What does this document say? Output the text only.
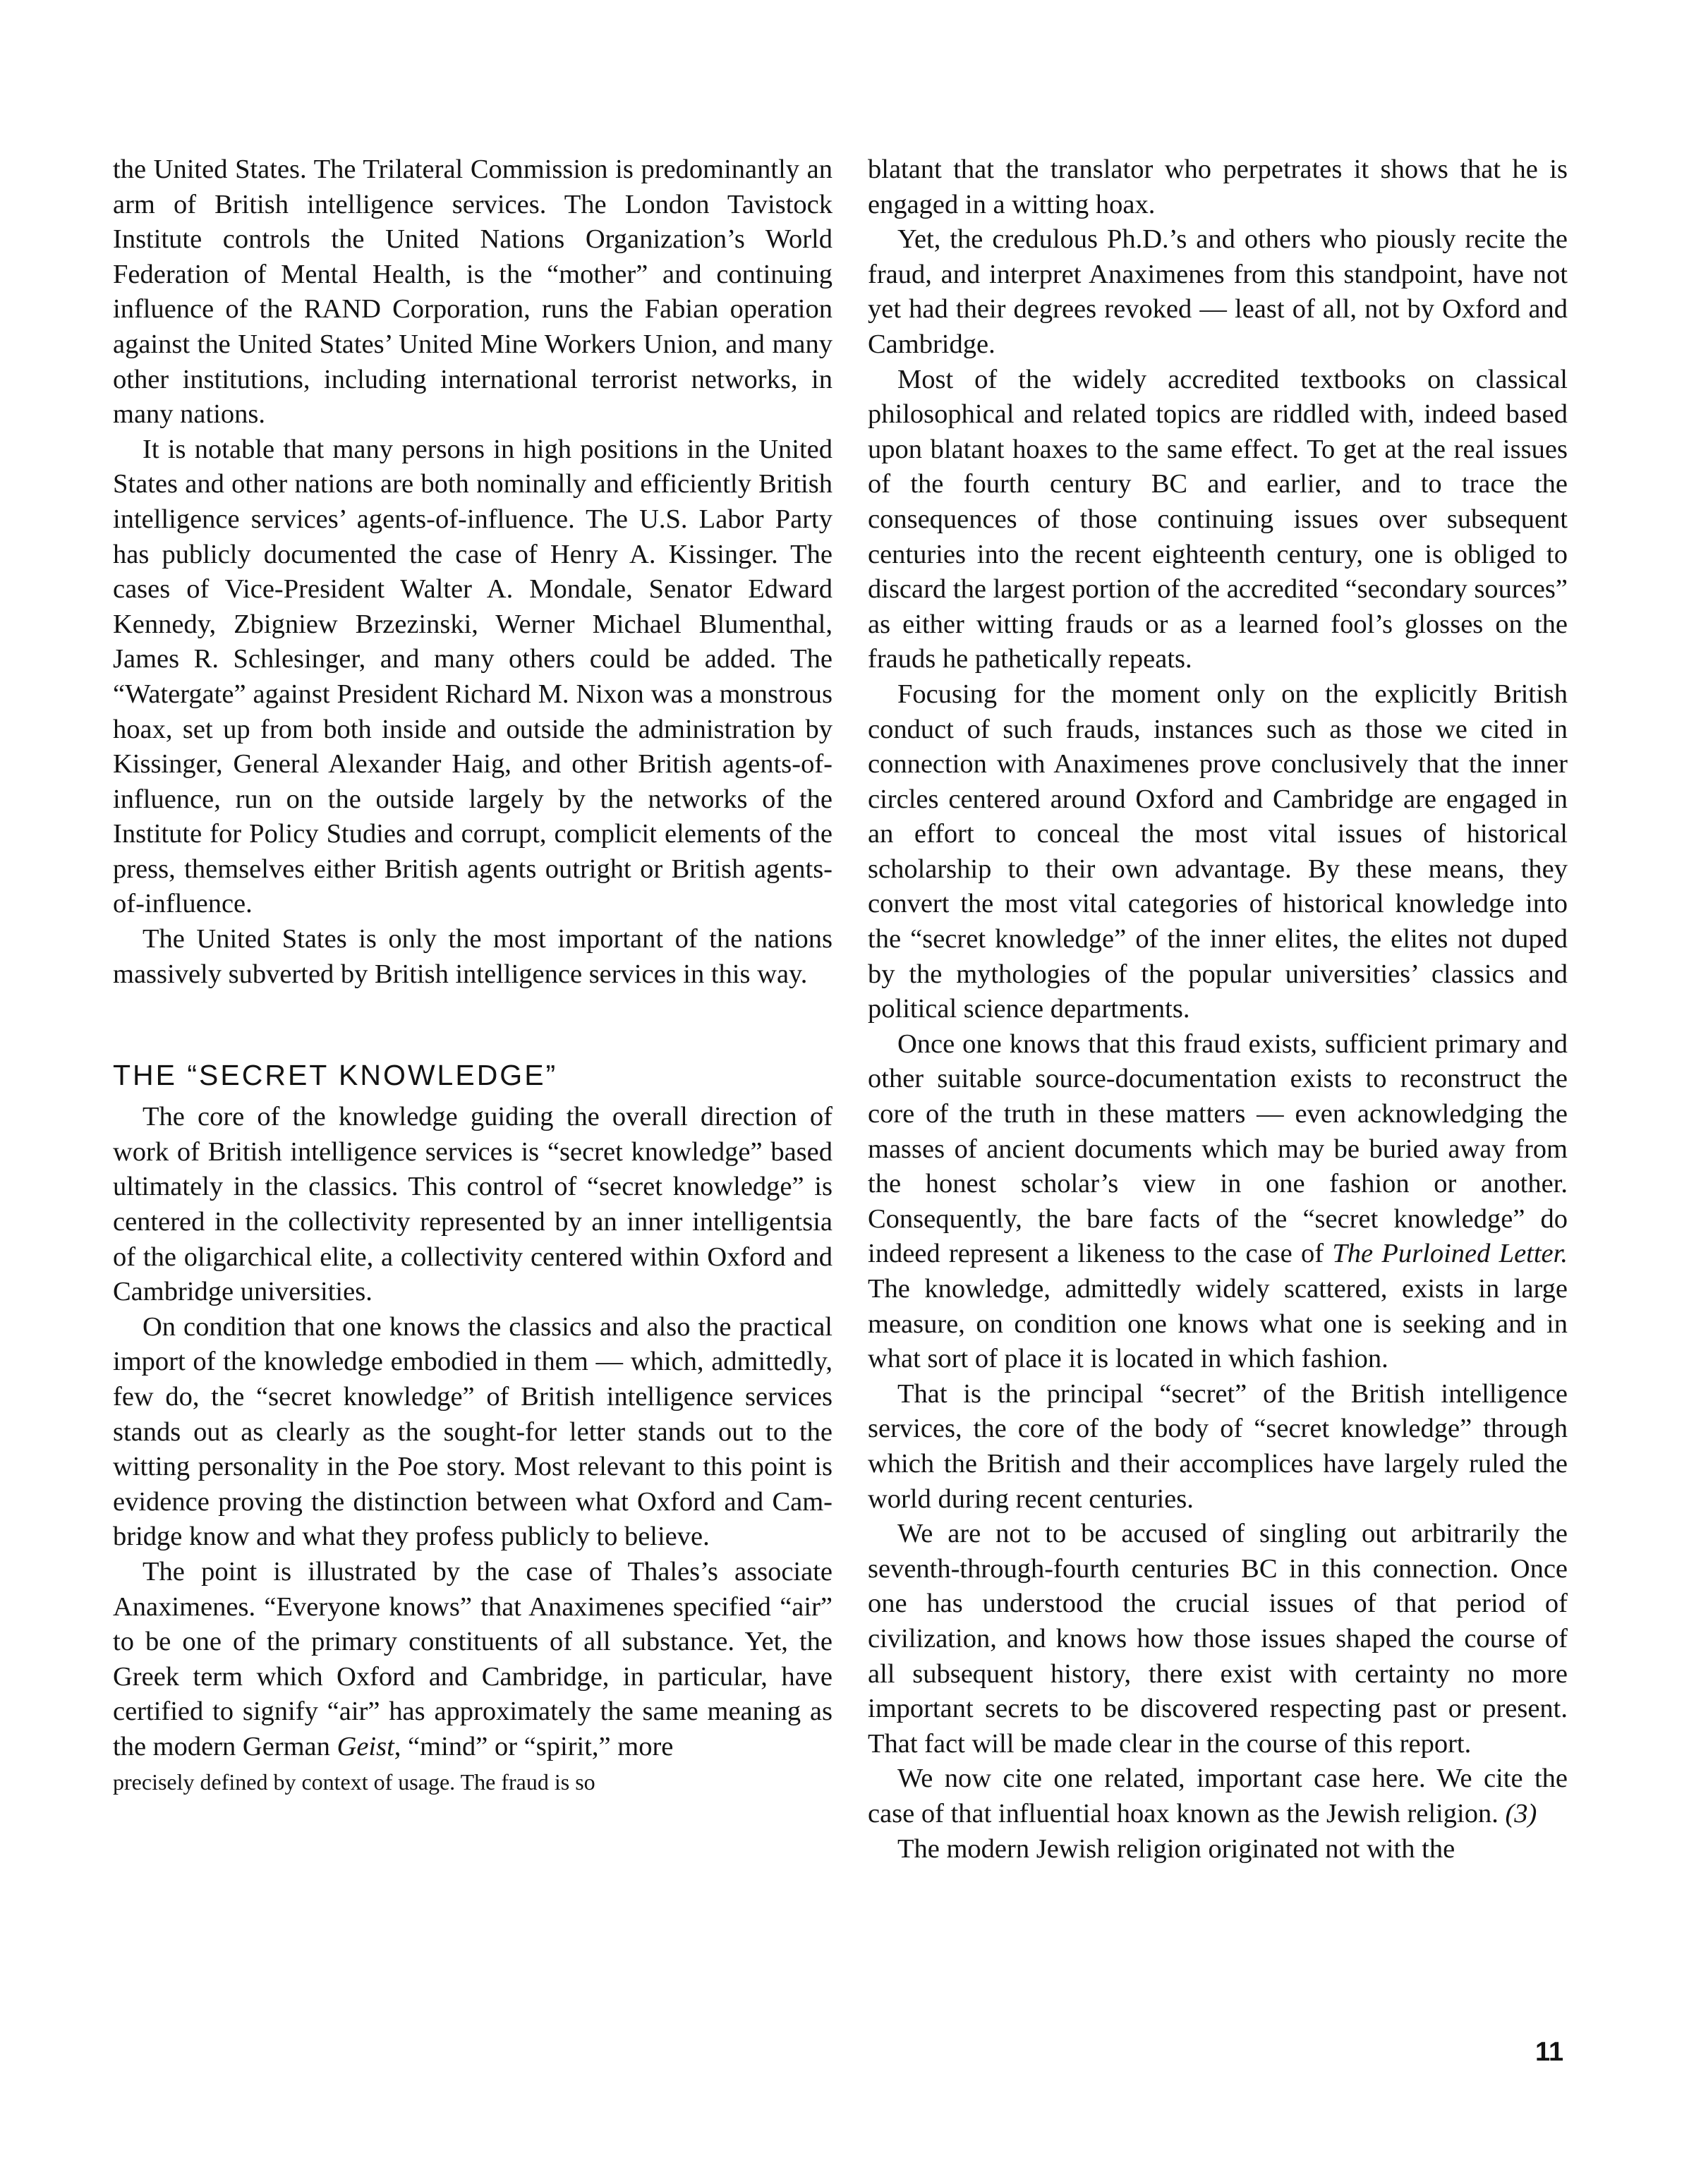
the United States. The Trilateral Commission is predominantly an arm of British intelligence services. The London Tavistock Institute controls the United Nations Organization’s World Federation of Mental Health, is the “mother” and continuing influence of the RAND Corporation, runs the Fabian operation against the United States’ United Mine Workers Union, and many other institutions, including international terrorist networks, in many nations.

It is notable that many persons in high positions in the United States and other nations are both nominally and efficiently British intelligence services’ agents-of-influence. The U.S. Labor Party has publicly documented the case of Henry A. Kissinger. The cases of Vice-President Walter A. Mondale, Senator Edward Kennedy, Zbigniew Brzezinski, Werner Michael Blumenthal, James R. Schlesinger, and many others could be added. The “Watergate” against President Richard M. Nixon was a monstrous hoax, set up from both inside and outside the administration by Kissinger, General Alexander Haig, and other British agents-of-influence, run on the outside largely by the networks of the Institute for Policy Studies and corrupt, complicit elements of the press, themselves either British agents outright or British agents-of-influence.

The United States is only the most important of the nations massively subverted by British intelligence services in this way.

THE “SECRET KNOWLEDGE”

The core of the knowledge guiding the overall direction of work of British intelligence services is “secret knowledge” based ultimately in the classics. This control of “secret knowledge” is centered in the collectivity represented by an inner intelligentsia of the oligarchical elite, a collectivity centered within Oxford and Cambridge universities.

On condition that one knows the classics and also the practical import of the knowledge embodied in them — which, admittedly, few do, the “secret knowledge” of British intelligence services stands out as clearly as the sought-for letter stands out to the witting personality in the Poe story. Most relevant to this point is evidence proving the distinction between what Oxford and Cambridge know and what they profess publicly to believe.

The point is illustrated by the case of Thales’s associate Anaximenes. “Everyone knows” that Anaximenes specified “air” to be one of the primary constituents of all substance. Yet, the Greek term which Oxford and Cambridge, in particular, have certified to signify “air” has approximately the same meaning as the modern German Geist, “mind” or “spirit,” more

precisely defined by context of usage. The fraud is so

blatant that the translator who perpetrates it shows that he is engaged in a witting hoax.

Yet, the credulous Ph.D.’s and others who piously recite the fraud, and interpret Anaximenes from this standpoint, have not yet had their degrees revoked — least of all, not by Oxford and Cambridge.

Most of the widely accredited textbooks on classical philosophical and related topics are riddled with, indeed based upon blatant hoaxes to the same effect. To get at the real issues of the fourth century BC and earlier, and to trace the consequences of those continuing issues over subsequent centuries into the recent eighteenth century, one is obliged to discard the largest portion of the accredited “secondary sources” as either witting frauds or as a learned fool’s glosses on the frauds he pathetically repeats.

Focusing for the moment only on the explicitly British conduct of such frauds, instances such as those we cited in connection with Anaximenes prove conclusively that the inner circles centered around Oxford and Cambridge are engaged in an effort to conceal the most vital issues of historical scholarship to their own advantage. By these means, they convert the most vital categories of historical knowledge into the “secret knowledge” of the inner elites, the elites not duped by the mythologies of the popular universities’ classics and political science departments.

Once one knows that this fraud exists, sufficient primary and other suitable source-documentation exists to reconstruct the core of the truth in these matters — even acknowledging the masses of ancient documents which may be buried away from the honest scholar’s view in one fashion or another. Consequently, the bare facts of the “secret knowledge” do indeed represent a likeness to the case of The Purloined Letter. The knowledge, admittedly widely scattered, exists in large measure, on condition one knows what one is seeking and in what sort of place it is located in which fashion.

That is the principal “secret” of the British intelligence services, the core of the body of “secret knowledge” through which the British and their accomplices have largely ruled the world during recent centuries.

We are not to be accused of singling out arbitrarily the seventh-through-fourth centuries BC in this connection. Once one has understood the crucial issues of that period of civilization, and knows how those issues shaped the course of all subsequent history, there exist with certainty no more important secrets to be discovered respecting past or present. That fact will be made clear in the course of this report.

We now cite one related, important case here. We cite the case of that influential hoax known as the Jewish religion. (3)

The modern Jewish religion originated not with the

11
